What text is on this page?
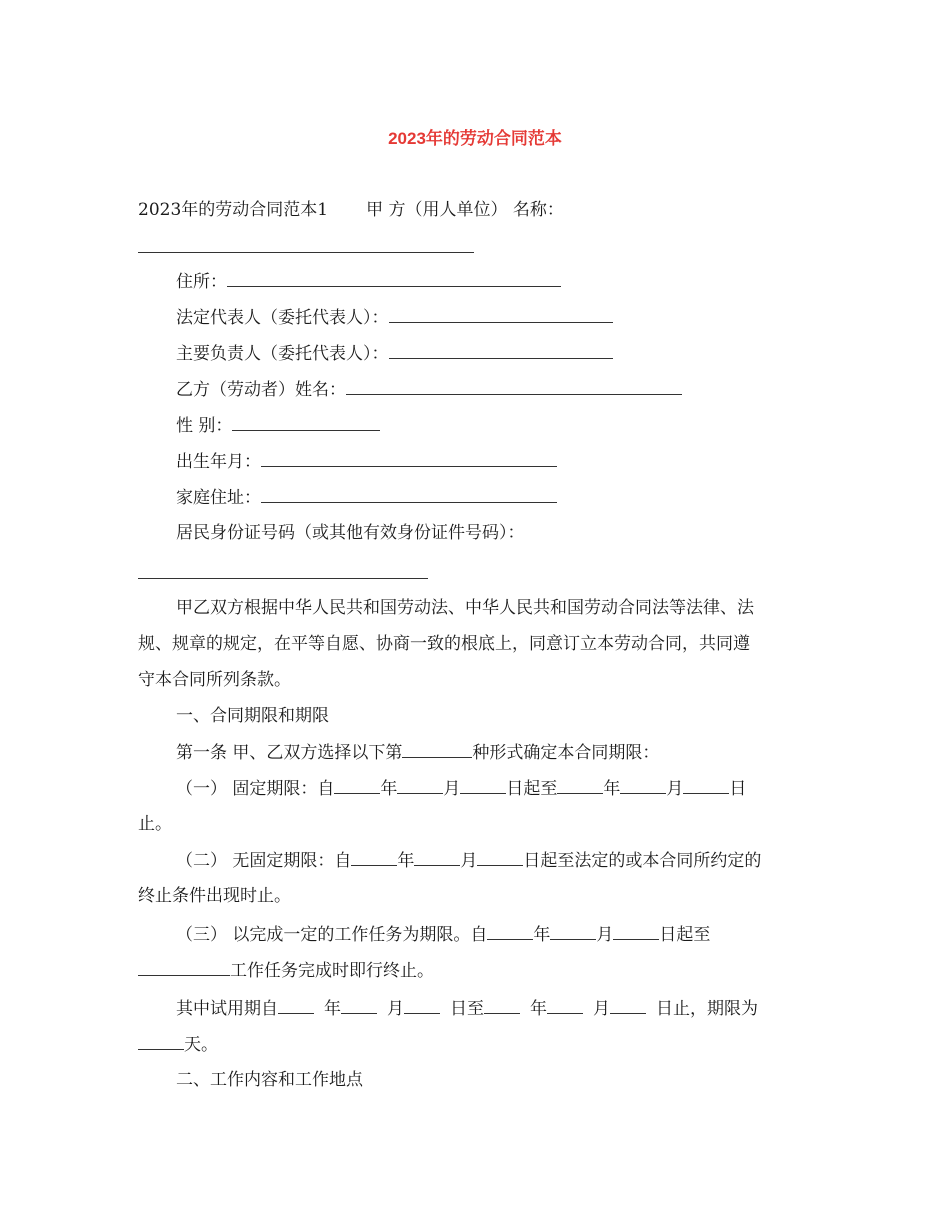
2023年的劳动合同范本
2023年的劳动合同范本1 甲 方（用人单位） 名称：
住所：
法定代表人（委托代表人）：
主要负责人（委托代表人）：
乙方（劳动者）姓名：
性 别：
出生年月：
家庭住址：
居民身份证号码（或其他有效身份证件号码）：
甲乙双方根据中华人民共和国劳动法、中华人民共和国劳动合同法等法律、法
规、规章的规定，在平等自愿、协商一致的根底上，同意订立本劳动合同，共同遵
守本合同所列条款。
一、合同期限和期限
第一条 甲、乙双方选择以下第	种形式确定本合同期限：
（一） 固定期限：自	年	月	日起至	年	月	日
止。
（二） 无固定期限：自	年	月	日起至法定的或本合同所约定的
终止条件出现时止。
（三） 以完成一定的工作任务为期限。自	年	月	日起至
工作任务完成时即行终止。
其中试用期自	年	月	日至	年	月	日止，期限为
天。
二、工作内容和工作地点
